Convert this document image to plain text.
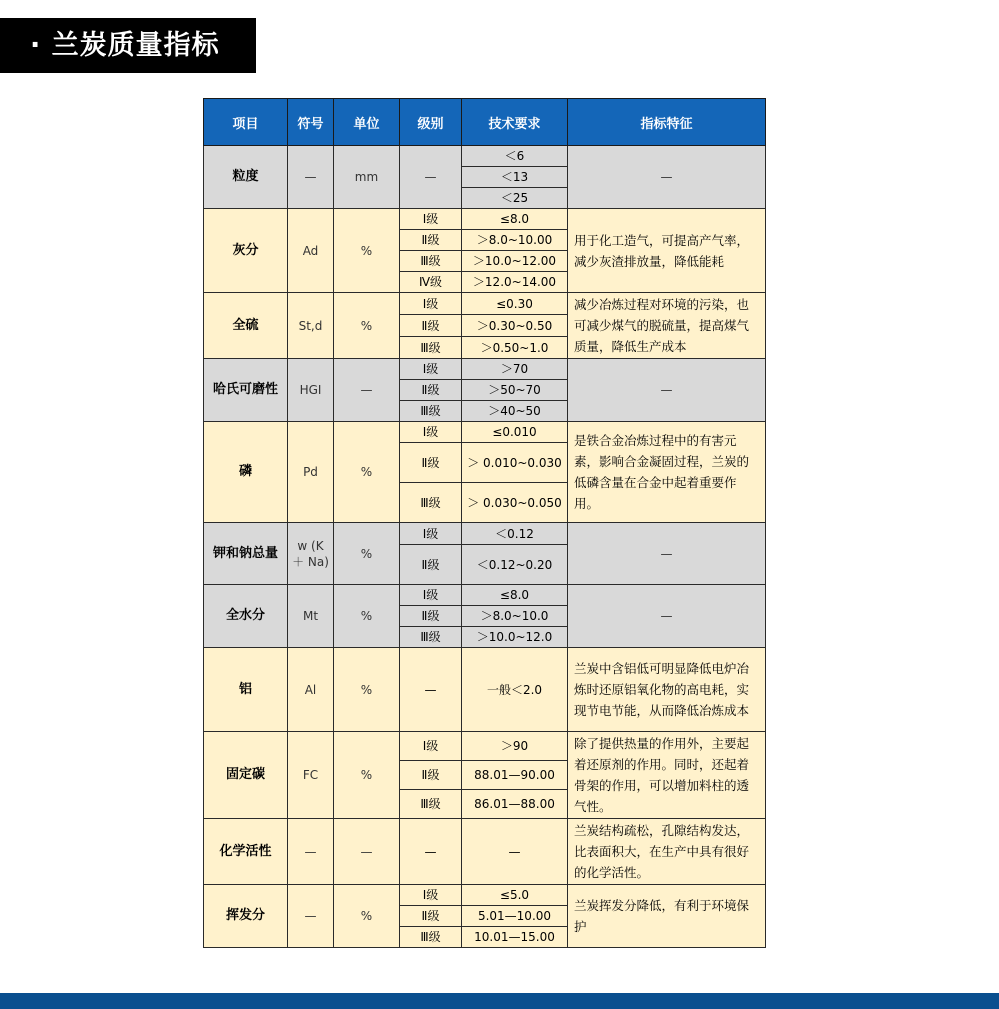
· 兰炭质量指标
项目	符号	单位	级别	技术要求	指标特征
粒度	—	mm	—	＜6	—
				＜13	
				＜25	
灰分	Ad	%	Ⅰ级	≤8.0	用于化工造气，可提高产气率，减少灰渣排放量，降低能耗
			Ⅱ级	＞8.0~10.00	
			Ⅲ级	＞10.0~12.00	
			Ⅳ级	＞12.0~14.00	
全硫	St,d	%	Ⅰ级	≤0.30	减少冶炼过程对环境的污染，也可减少煤气的脱硫量，提高煤气质量，降低生产成本
			Ⅱ级	＞0.30~0.50	
			Ⅲ级	＞0.50~1.0	
哈氏可磨性	HGI	—	Ⅰ级	＞70	—
			Ⅱ级	＞50~70	
			Ⅲ级	＞40~50	
磷	Pd	%	Ⅰ级	≤0.010	是铁合金冶炼过程中的有害元素，影响合金凝固过程，兰炭的低磷含量在合金中起着重要作用。
			Ⅱ级	＞ 0.010~0.030	
			Ⅲ级	＞ 0.030~0.050	
钾和钠总量	w (K ＋ Na)	%	Ⅰ级	＜0.12	—
			Ⅱ级	＜0.12~0.20	
全水分	Mt	%	Ⅰ级	≤8.0	—
			Ⅱ级	＞8.0~10.0	
			Ⅲ级	＞10.0~12.0	
铝	Al	%	—	一般＜2.0	兰炭中含铝低可明显降低电炉冶炼时还原铝氧化物的高电耗，实现节电节能，从而降低冶炼成本
固定碳	FC	%	Ⅰ级	＞90	除了提供热量的作用外，主要起着还原剂的作用。同时，还起着骨架的作用，可以增加料柱的透气性。
			Ⅱ级	88.01—90.00	
			Ⅲ级	86.01—88.00	
化学活性	—	—	—	—	兰炭结构疏松，孔隙结构发达，比表面积大，在生产中具有很好的化学活性。
挥发分	—	%	Ⅰ级	≤5.0	兰炭挥发分降低，有利于环境保护
			Ⅱ级	5.01—10.00	
			Ⅲ级	10.01—15.00	
